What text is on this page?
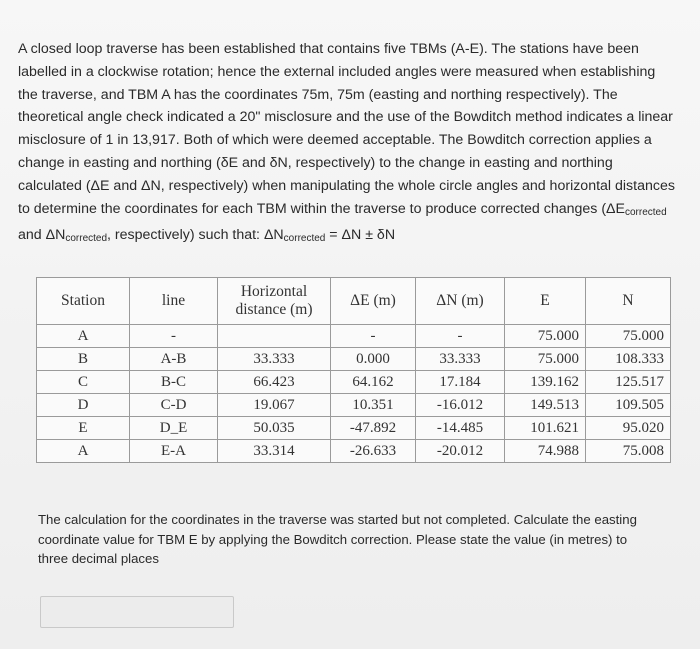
A closed loop traverse has been established that contains five TBMs (A-E). The stations have been labelled in a clockwise rotation; hence the external included angles were measured when establishing the traverse, and TBM A has the coordinates 75m, 75m (easting and northing respectively). The theoretical angle check indicated a 20" misclosure and the use of the Bowditch method indicates a linear misclosure of 1 in 13,917. Both of which were deemed acceptable. The Bowditch correction applies a change in easting and northing (δE and δN, respectively) to the change in easting and northing calculated (ΔE and ΔN, respectively) when manipulating the whole circle angles and horizontal distances to determine the coordinates for each TBM within the traverse to produce corrected changes ($\Delta E_{corrected}$ and $\Delta N_{corrected}$, respectively) such that: $\Delta N_{corrected} = \Delta N \pm \delta N$
Station	line	Horizontal
distance (m)	ΔE (m)	ΔN (m)	E	N
A	-		-	-	75.000	75.000
B	A-B	33.333	0.000	33.333	75.000	108.333
C	B-C	66.423	64.162	17.184	139.162	125.517
D	C-D	19.067	10.351	-16.012	149.513	109.505
E	D_E	50.035	-47.892	-14.485	101.621	95.020
A	E-A	33.314	-26.633	-20.012	74.988	75.008
The calculation for the coordinates in the traverse was started but not completed. Calculate the easting coordinate value for TBM E by applying the Bowditch correction. Please state the value (in metres) to three decimal places
